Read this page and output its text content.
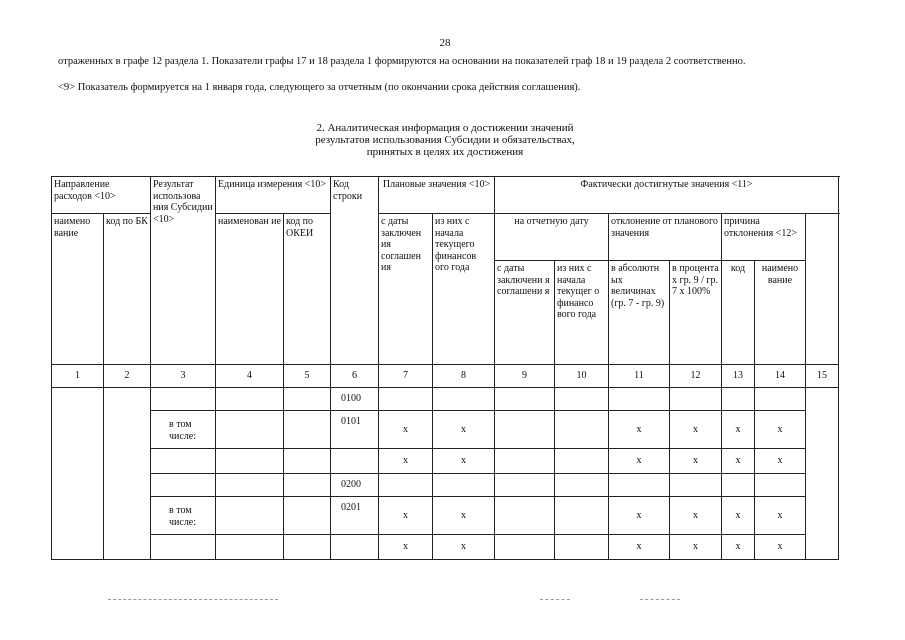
28
отраженных в графе 12 раздела 1. Показатели графы 17 и 18 раздела 1 формируются на основании на показателей граф 18 и 19 раздела 2 соответственно.
<9> Показатель формируется на 1 января года, следующего за отчетным (по окончании срока действия соглашения).
2. Аналитическая информация о достижении значений
результатов использования Субсидии и обязательствах,
принятых в целях их достижения
Направление расходов <10>		Результат использова ния Субсидии <10>	Единица измерения <10>		Код строки	Плановые значения <10>		Фактически достигнутые значения <11>	
наимено вание	код по БК		наименован ие	код по ОКЕИ		с даты заключен ия соглашен ия	из них с начала текущего финансов ого года	на отчетную дату		отклонение от планового значения		причина отклонения <12>			
								с даты заключени я соглашени я	из них с начала текущег о финансо вого года	в абсолютн ых величинах (гр. 7 - гр. 9)	в процента х гр. 9 / гр. 7 х 100%	код	наимено вание		
1	2	3	4	5	6	7	8	9	10	11	12	13	14	15	
					0100										
		в том числе:			0101	x	x			x	x	x	x		
						x	x			x	x	x	x		
					0200										
		в том числе:			0201	x	x			x	x	x	x		
						x	x			x	x	x	x		
